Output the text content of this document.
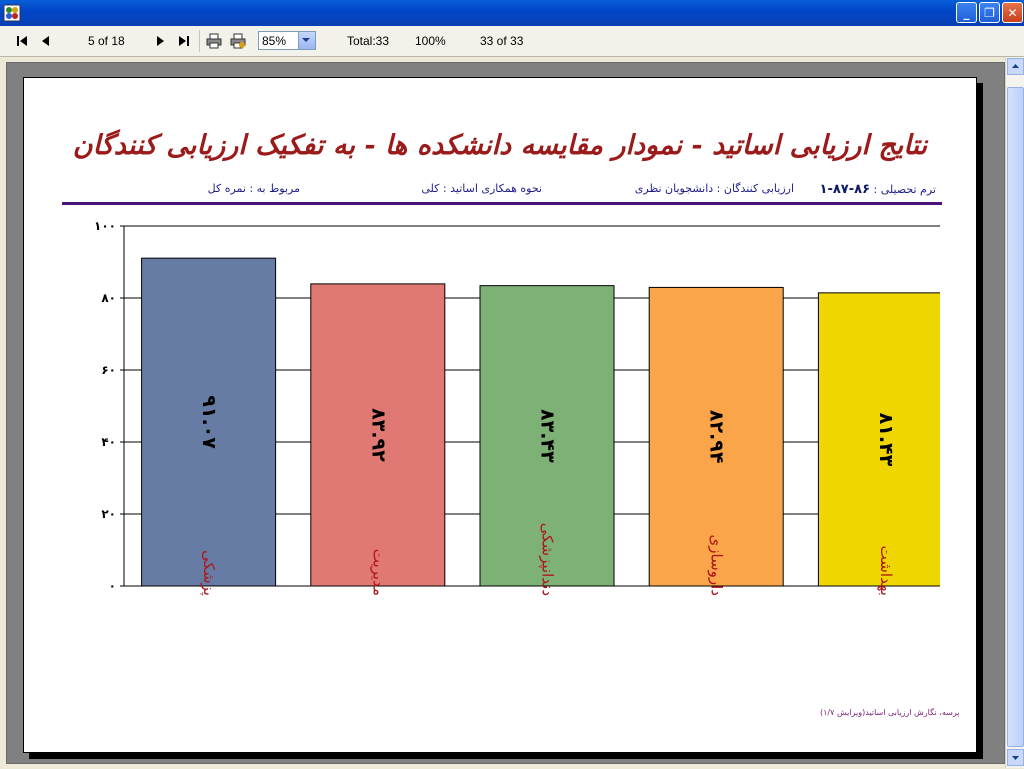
_	❐	✕
5 of 18	85%	Total:33 100%	33 of 33
نتایج ارزیابی اساتید - نمودار مقایسه دانشکده ها - به تفکیک ارزیابی کنندگان
ترم تحصیلی : ۸۶-۸۷-۱
ارزیابی کنندگان : دانشجویان نظری
نحوه همکاری اساتید : کلی
مربوط به : نمره کل
۰
۲۰
۴۰
۶۰
۸۰
۱۰۰
۹۱.۰۷
پزشکی
۸۳.۹۲
مدیریت
۸۳.۴۳
دندانپزشکی
۸۲.۹۴
داروسازی
۸۱.۴۳
بهداشت
پرسه، نگارش ارزیابی اساتید(ویرایش ۱/۷)
